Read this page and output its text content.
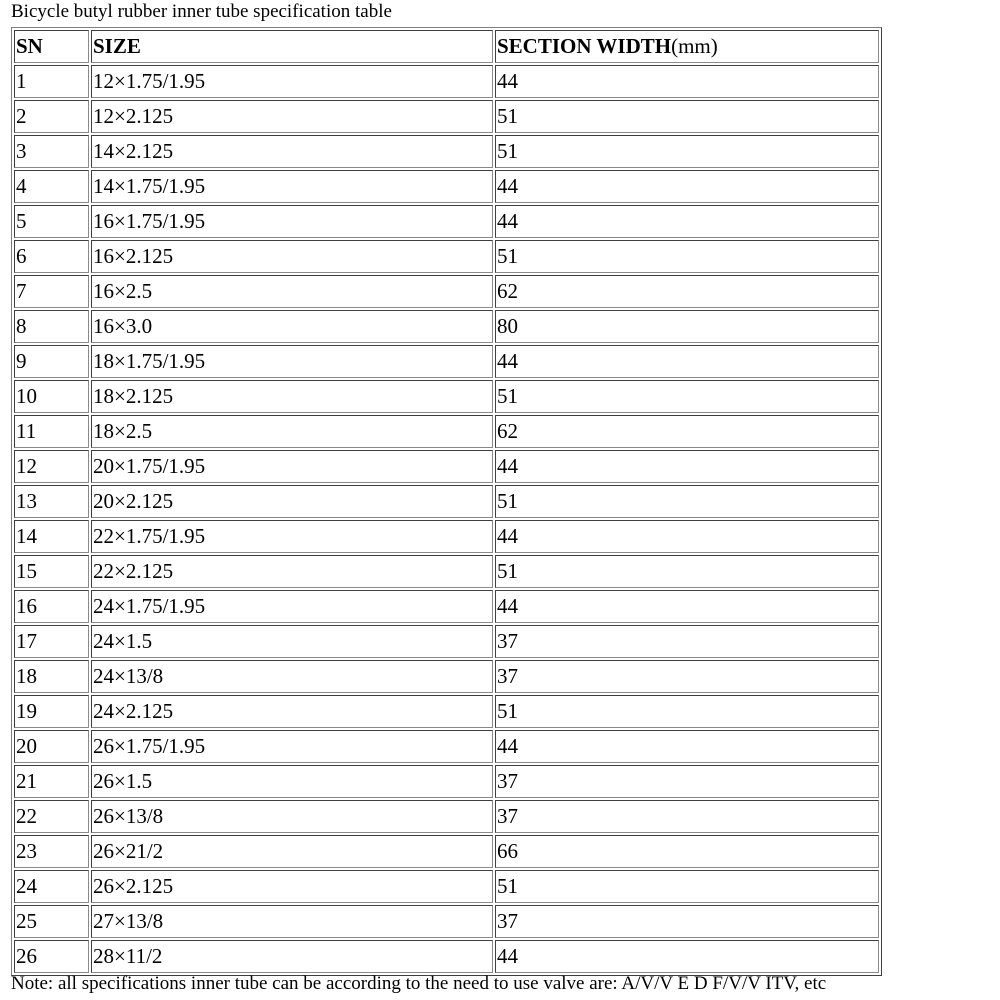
Bicycle butyl rubber inner tube specification table
SN	SIZE	SECTION WIDTH(mm)
1	12×1.75/1.95	44
2	12×2.125	51
3	14×2.125	51
4	14×1.75/1.95	44
5	16×1.75/1.95	44
6	16×2.125	51
7	16×2.5	62
8	16×3.0	80
9	18×1.75/1.95	44
10	18×2.125	51
11	18×2.5	62
12	20×1.75/1.95	44
13	20×2.125	51
14	22×1.75/1.95	44
15	22×2.125	51
16	24×1.75/1.95	44
17	24×1.5	37
18	24×13/8	37
19	24×2.125	51
20	26×1.75/1.95	44
21	26×1.5	37
22	26×13/8	37
23	26×21/2	66
24	26×2.125	51
25	27×13/8	37
26	28×11/2	44
Note: all specifications inner tube can be according to the need to use valve are: A/V/V E D F/V/V ITV, etc
